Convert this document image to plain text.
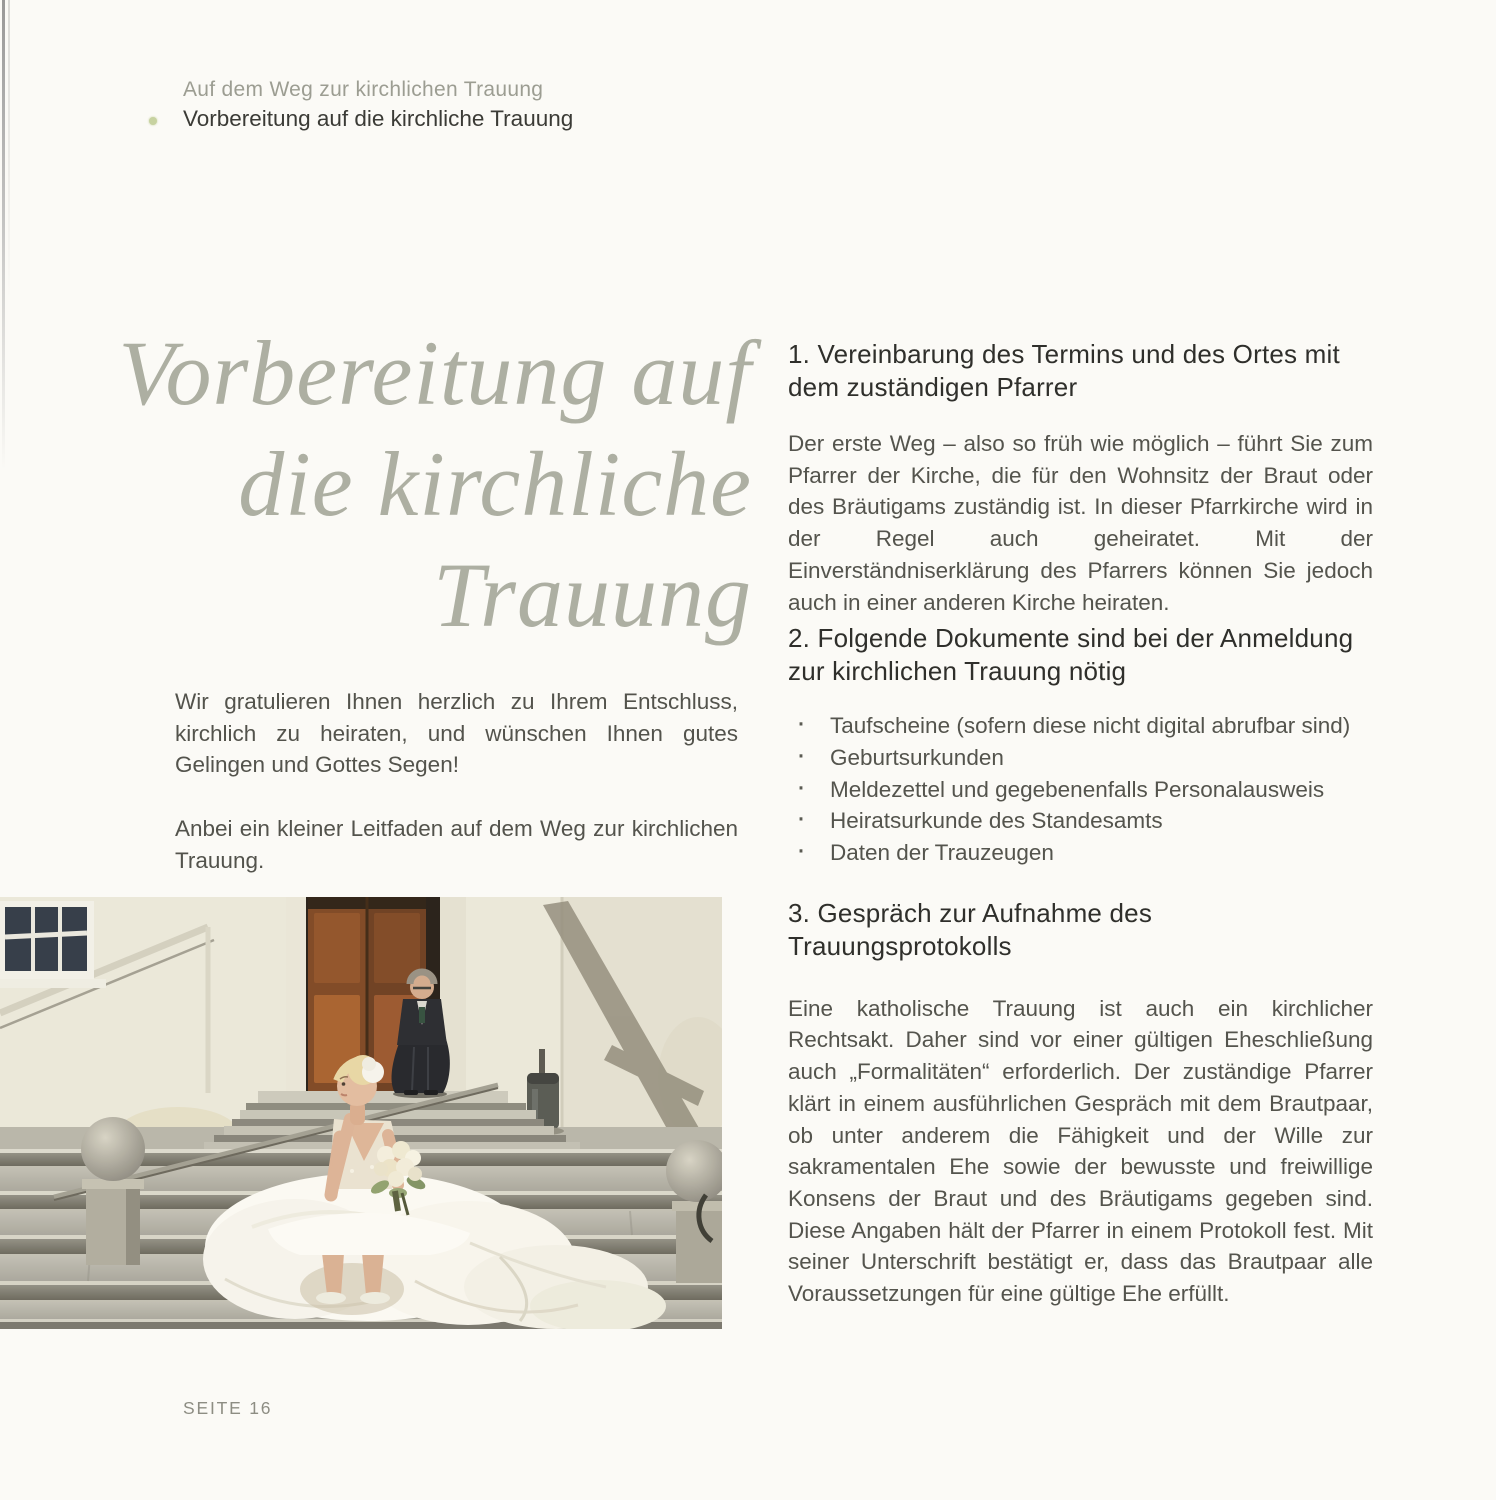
Auf dem Weg zur kirchlichen Trauung
Vorbereitung auf die kirchliche Trauung
Vorbereitung auf
die kirchliche
Trauung

Wir gratulieren Ihnen herzlich zu Ihrem Entschluss, kirchlich zu heiraten, und wünschen Ihnen gutes Gelingen und Gottes Segen!

Anbei ein kleiner Leitfaden auf dem Weg zur kirchlichen Trauung.

1. Vereinbarung des Termins und des Ortes mit dem zuständigen Pfarrer

Der erste Weg – also so früh wie möglich – führt Sie zum Pfarrer der Kirche, die für den Wohnsitz der Braut oder des Bräutigams zuständig ist. In dieser Pfarrkirche wird in der Regel auch geheiratet. Mit der Einverständniserklärung des Pfarrers können Sie jedoch auch in einer anderen Kirche heiraten.

2. Folgende Dokumente sind bei der Anmeldung zur kirchlichen Trauung nötig
· Taufscheine (sofern diese nicht digital abrufbar sind)
· Geburtsurkunden
· Meldezettel und gegebenenfalls Personalausweis
· Heiratsurkunde des Standesamts
· Daten der Trauzeugen
3. Gespräch zur Aufnahme des Trauungsprotokolls

Eine katholische Trauung ist auch ein kirchlicher Rechtsakt. Daher sind vor einer gültigen Eheschließung auch „Formalitäten“ erforderlich. Der zuständige Pfarrer klärt in einem ausführlichen Gespräch mit dem Brautpaar, ob unter anderem die Fähigkeit und der Wille zur sakramentalen Ehe sowie der bewusste und freiwillige Konsens der Braut und des Bräutigams gegeben sind. Diese Angaben hält der Pfarrer in einem Protokoll fest. Mit seiner Unterschrift bestätigt er, dass das Brautpaar alle Voraussetzungen für eine gültige Ehe erfüllt.

SEITE 16
